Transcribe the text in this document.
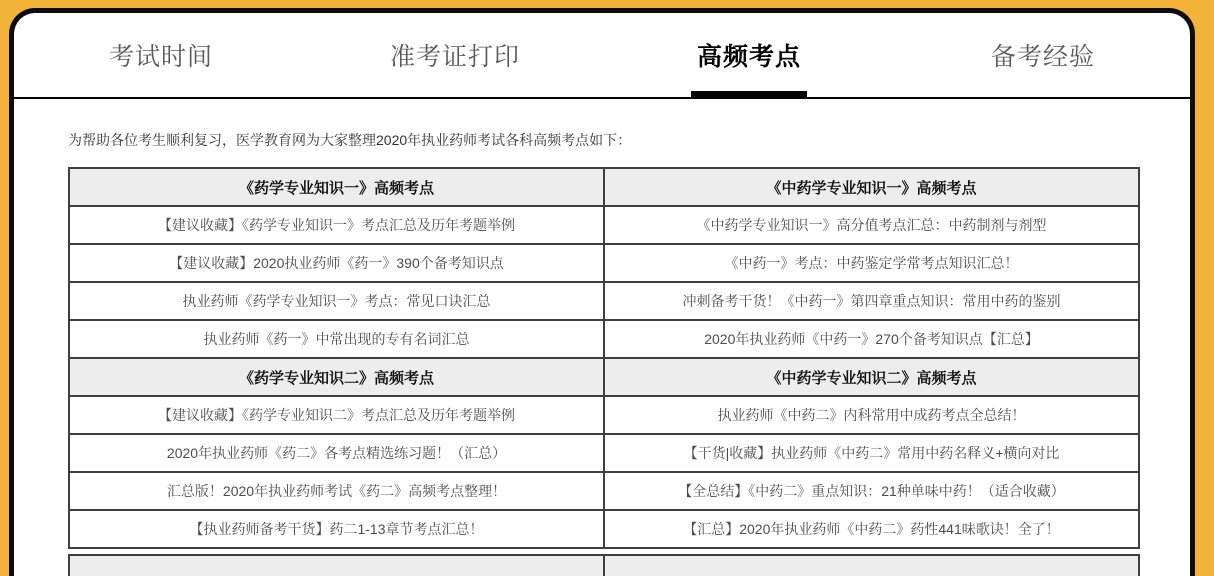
考试时间	准考证打印	高频考点	备考经验

为帮助各位考生顺利复习，医学教育网为大家整理2020年执业药师考试各科高频考点如下：

《药学专业知识一》高频考点	《中药学专业知识一》高频考点
【建议收藏】《药学专业知识一》考点汇总及历年考题举例	《中药学专业知识一》高分值考点汇总：中药制剂与剂型
【建议收藏】2020执业药师《药一》390个备考知识点	《中药一》考点：中药鉴定学常考点知识汇总！
执业药师《药学专业知识一》考点：常见口诀汇总	冲刺备考干货！《中药一》第四章重点知识：常用中药的鉴别
执业药师《药一》中常出现的专有名词汇总	2020年执业药师《中药一》270个备考知识点【汇总】
《药学专业知识二》高频考点	《中药学专业知识二》高频考点
【建议收藏】《药学专业知识二》考点汇总及历年考题举例	执业药师《中药二》内科常用中成药考点全总结！
2020年执业药师《药二》各考点精选练习题！（汇总）	【干货|收藏】执业药师《中药二》常用中药名释义+横向对比
汇总版！2020年执业药师考试《药二》高频考点整理！	【全总结】《中药二》重点知识：21种单味中药！（适合收藏）
【执业药师备考干货】药二1-13章节考点汇总！	【汇总】2020年执业药师《中药二》药性441味歌诀！全了！
